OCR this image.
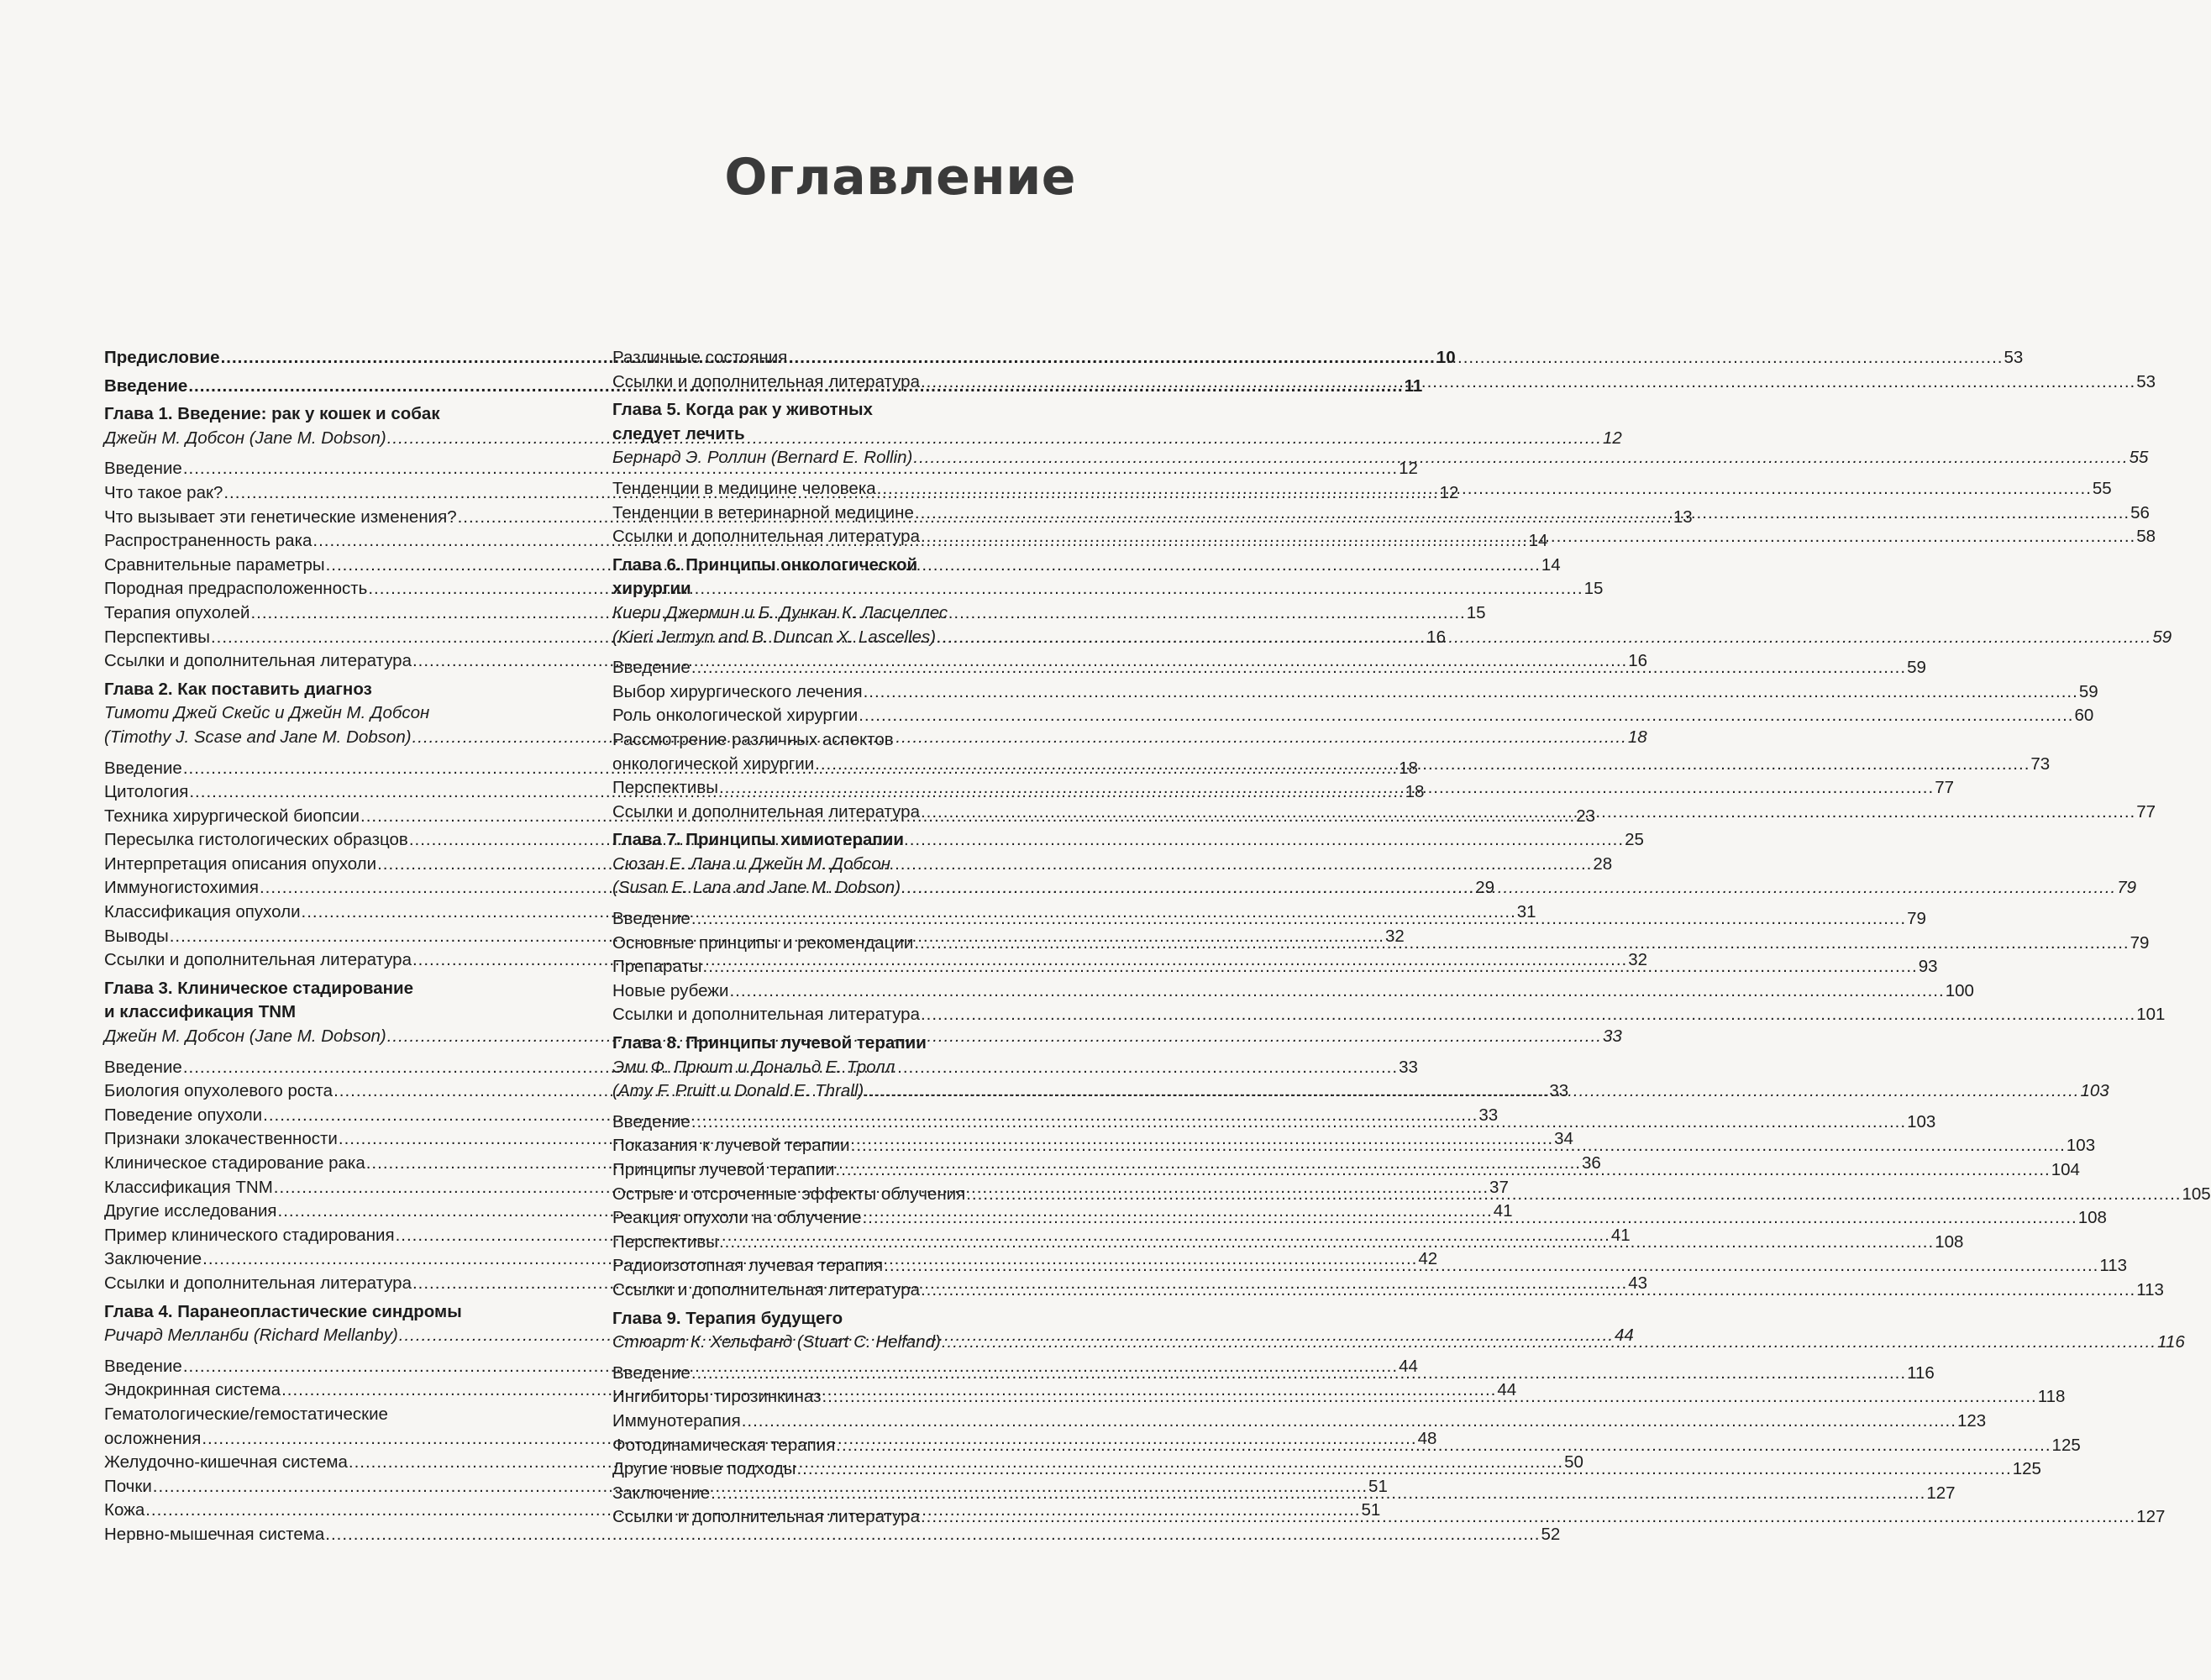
Оглавление
Предисловие .....	10
Введение .....	11
Глава 1. Введение: рак у кошек и собак
Джейн М. Добсон (Jane M. Dobson) .....	12
Введение .....	12
Что такое рак? .....	12
Что вызывает эти генетические изменения? .....	13
Распространенность рака .....	14
Сравнительные параметры .....	14
Породная предрасположенность .....	15
Терапия опухолей .....	15
Перспективы .....	16
Ссылки и дополнительная литература .....	16
Глава 2. Как поставить диагноз
Тимоти Джей Скейс и Джейн М. Добсон
(Timothy J. Scase and Jane M. Dobson) .....	18
Введение .....	18
Цитология .....	18
Техника хирургической биопсии .....	23
Пересылка гистологических образцов .....	25
Интерпретация описания опухоли .....	28
Иммуногистохимия .....	29
Классификация опухоли .....	31
Выводы .....	32
Ссылки и дополнительная литература .....	32
Глава 3. Клиническое стадирование
и классификация TNM
Джейн М. Добсон (Jane M. Dobson) .....	33
Введение .....	33
Биология опухолевого роста .....	33
Поведение опухоли .....	33
Признаки злокачественности .....	34
Клиническое стадирование рака .....	36
Классификация TNM .....	37
Другие исследования .....	41
Пример клинического стадирования .....	41
Заключение .....	42
Ссылки и дополнительная литература .....	43
Глава 4. Паранеопластические синдромы
Ричард Мелланби (Richard Mellanby) .....	44
Введение .....	44
Эндокринная система .....	44
Гематологические/гемостатические
осложнения .....	48
Желудочно-кишечная система .....	50
Почки .....	51
Кожа .....	51
Нервно-мышечная система .....	52
Различные состояния .....	53
Ссылки и дополнительная литература .....	53
Глава 5. Когда рак у животных
следует лечить
Бернард Э. Роллин (Bernard E. Rollin) .....	55
Тенденции в медицине человека .....	55
Тенденции в ветеринарной медицине .....	56
Ссылки и дополнительная литература .....	58
Глава 6. Принципы онкологической
хирургии
Киери Джермин и Б. Дункан К. Ласцеллес
(Kieri Jermyn and B. Duncan X. Lascelles) .....	59
Введение .....	59
Выбор хирургического лечения .....	59
Роль онкологической хирургии .....	60
Рассмотрение различных аспектов
онкологической хирургии .....	73
Перспективы .....	77
Ссылки и дополнительная литература .....	77
Глава 7. Принципы химиотерапии
Сюзан Е. Лана и Джейн М. Добсон
(Susan E. Lana and Jane M. Dobson) .....	79
Введение .....	79
Основные принципы и рекомендации .....	79
Препараты .....	93
Новые рубежи .....	100
Ссылки и дополнительная литература .....	101
Глава 8. Принципы лучевой терапии
Эми Ф. Прюит и Дональд Е. Тролл
(Amy F. Pruitt и Donald E. Thrall) .....	103
Введение .....	103
Показания к лучевой терапии .....	103
Принципы лучевой терапии .....	104
Острые и отсроченные эффекты облучения .....	105
Реакция опухоли на облучение .....	108
Перспективы .....	108
Радиоизотопная лучевая терапия .....	113
Ссылки и дополнительная литература .....	113
Глава 9. Терапия будущего
Стюарт К. Хельфанд (Stuart C. Helfand) .....	116
Введение .....	116
Ингибиторы тирозинкиназ .....	118
Иммунотерапия .....	123
Фотодинамическая терапия .....	125
Другие новые подходы .....	125
Заключение .....	127
Ссылки и дополнительная литература .....	127
